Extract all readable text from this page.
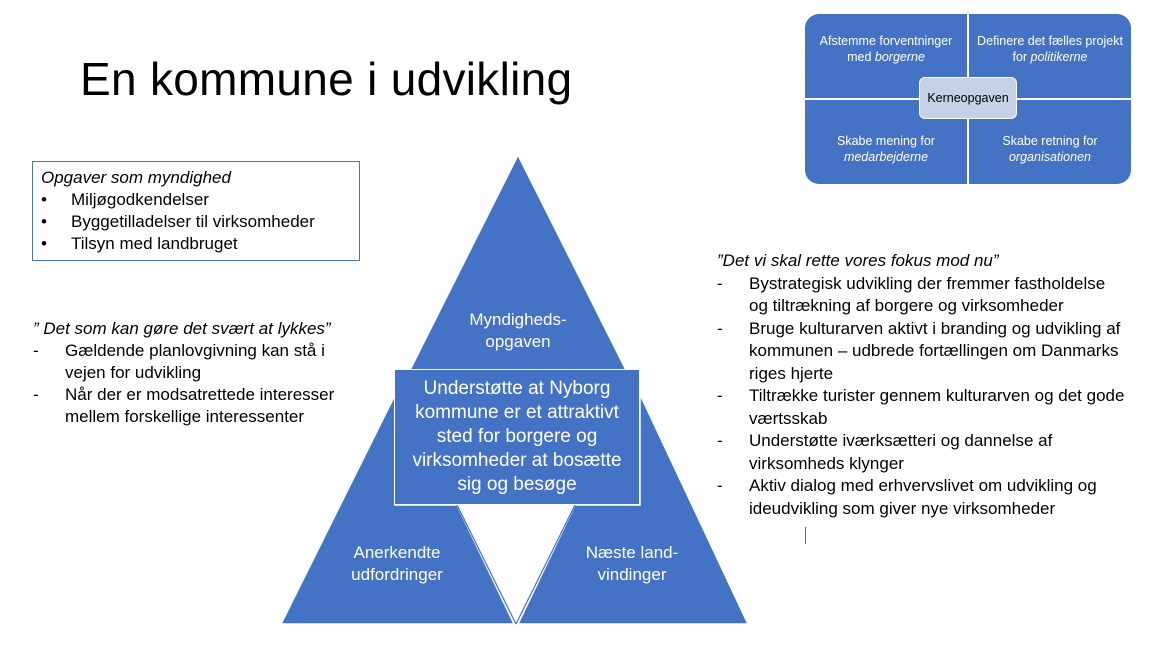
En kommune i udvikling
Opgaver som myndighed
• Miljøgodkendelser
• Byggetilladelser til virksomheder
• Tilsyn med landbruget
” Det som kan gøre det svært at lykkes”
- Gældende planlovgivning kan stå i vejen for udvikling
- Når der er modsatrettede interesser mellem forskellige interessenter
”Det vi skal rette vores fokus mod nu”
- Bystrategisk udvikling der fremmer fastholdelse og tiltrækning af borgere og virksomheder
- Bruge kulturarven aktivt i branding og udvikling af kommunen – udbrede fortællingen om Danmarks riges hjerte
- Tiltrække turister gennem kulturarven og det gode værtsskab
- Understøtte iværksætteri og dannelse af virksomheds klynger
- Aktiv dialog med erhvervslivet om udvikling og ideudvikling som giver nye virksomheder
Afstemme forventninger med borgerne
Definere det fælles projekt for politikerne
Skabe mening for
medarbejderne
Skabe retning for
organisationen
Kerneopgaven
Myndigheds-opgaven
Understøtte at Nyborg kommune er et attraktivt sted for borgere og virksomheder at bosætte sig og besøge
Anerkendte udfordringer
Næste land-vindinger
